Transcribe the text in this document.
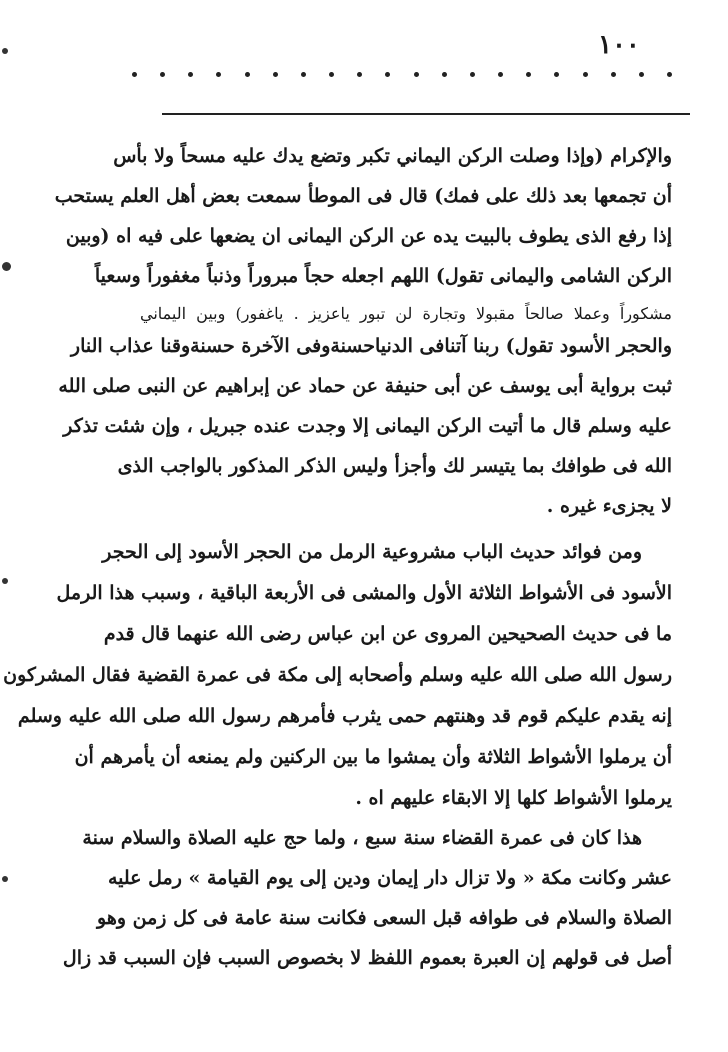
١٠٠
والإكرام (وإذا وصلت الركن اليماني تكبر وتضع يدك عليه مسحاً ولا بأس
أن تجمعها بعد ذلك على فمك) قال فى الموطأ سمعت بعض أهل العلم يستحب
إذا رفع الذى يطوف بالبيت يده عن الركن اليمانى ان يضعها على فيه اه (وبين
الركن الشامى واليمانى تقول) اللهم اجعله حجاً مبروراً وذنباً مغفوراً وسعياً
مشكوراً وعملا صالحاً مقبولا وتجارة لن تبور ياعزيز . ياغفور) وبين اليماني
والحجر الأسود تقول) ربنا آتنافى الدنياحسنةوفى الآخرة حسنةوقنا عذاب النار
ثبت برواية أبى يوسف عن أبى حنيفة عن حماد عن إبراهيم عن النبى صلى الله
عليه وسلم قال ما أتيت الركن اليمانى إلا وجدت عنده جبريل ، وإن شئت تذكر
الله فى طوافك بما يتيسر لك وأجزأ وليس الذكر المذكور بالواجب الذى
لا يجزىء غيره .
ومن فوائد حديث الباب مشروعية الرمل من الحجر الأسود إلى الحجر
الأسود فى الأشواط الثلاثة الأول والمشى فى الأربعة الباقية ، وسبب هذا الرمل
ما فى حديث الصحيحين المروى عن ابن عباس رضى الله عنهما قال قدم
رسول الله صلى الله عليه وسلم وأصحابه إلى مكة فى عمرة القضية فقال المشركون
إنه يقدم عليكم قوم قد وهنتهم حمى يثرب فأمرهم رسول الله صلى الله عليه وسلم
أن يرملوا الأشواط الثلاثة وأن يمشوا ما بين الركنين ولم يمنعه أن يأمرهم أن
يرملوا الأشواط كلها إلا الابقاء عليهم اه .
هذا كان فى عمرة القضاء سنة سبع ، ولما حج عليه الصلاة والسلام سنة
عشر وكانت مكة « ولا تزال دار إيمان ودين إلى يوم القيامة » رمل عليه
الصلاة والسلام فى طوافه قبل السعى فكانت سنة عامة فى كل زمن وهو
أصل فى قولهم إن العبرة بعموم اللفظ لا بخصوص السبب فإن السبب قد زال
